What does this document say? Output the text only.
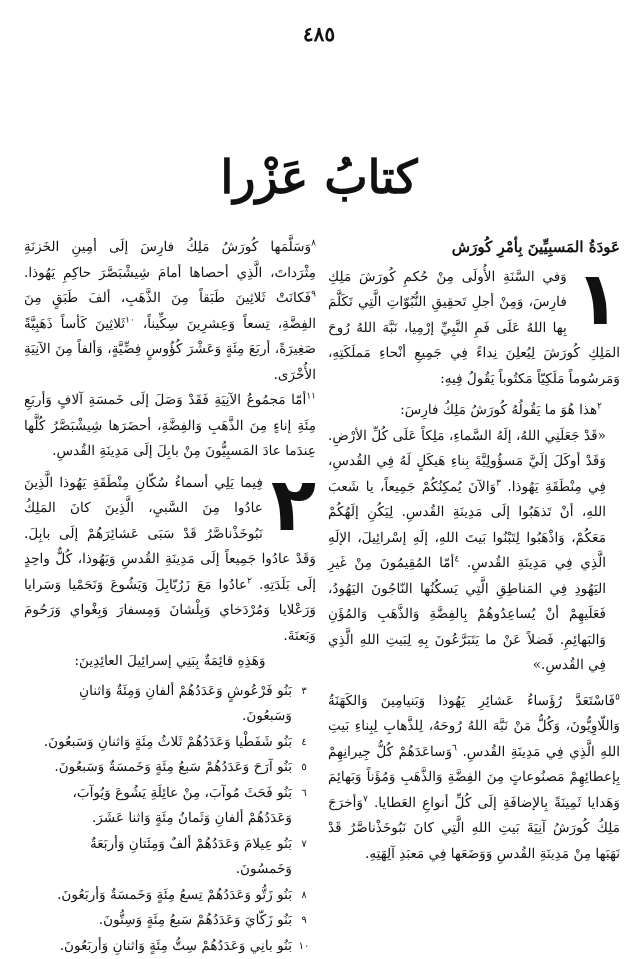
٤٨٥
كتابُ عَزْرا
عَودَةُ المَسبِيِّينَ بِأمْرِ كُورَش
١
وَفي السَّنَةِ الأُولَى مِنْ حُكمِ كُورَشَ مَلِكِ فارِسَ، وَمِنْ أجلِ تَحقِيقِ النُّبُوّاتِ الَّتِي تَكَلَّمَ بِها اللهُ عَلَى فَمِ النَّبِيِّ إرْمِيا، نَبَّهَ اللهُ رُوحَ المَلِكِ كُورَشَ لِيُعلِنَ نِداءً فِي جَمِيعِ أنْحاءِ مَملَكَتِهِ، وَمَرسُوماً مَلَكِيّاً مَكتُوباً يَقُولُ فِيهِ:
$^٢$هذا هُوَ ما يَقُولُهُ كُورَشُ مَلِكُ فارِسَ:
«قَدْ جَعَلَنِي اللهُ، إلَهُ السَّماءِ، مَلِكاً عَلَى كُلِّ الأرْضِ. وَقَدْ أوكَلَ إلَيَّ مَسؤُولِيَّةَ بِناءِ هَيكَلٍ لَهُ فِي القُدسِ، فِي مِنْطَقَةِ يَهُوذا. $^٣$وَالآنَ يُمكِنُكُمْ جَمِيعاً، يا شَعبَ اللهِ، أنْ تَذهَبُوا إلَى مَدِينَةِ القُدسِ. لِيَكُنِ إلَهُكُمْ مَعَكُمْ، وَاذْهَبُوا لِتَبْنُوا بَيتَ اللهِ، إلَهِ إسْرائِيلَ، الإلَهِ الَّذِي فِي مَدِينَةِ القُدسِ. $^٤$أمّا المُقِيمُونَ مِنْ غَيرِ اليَهُودِ فِي المَناطِقِ الَّتِي يَسكُنُها النّاجُونَ اليَهُودُ، فَعَلَيهِمْ أنْ يُساعِدُوهُمْ بِالفِضَّةِ وَالذَّهَبِ وَالمُؤَنِ وَالبَهائِمِ. فَضلاً عَنْ ما يَتَبَرَّعُونَ بِهِ لِبَيتِ اللهِ الَّذِي فِي القُدسِ.»
$^٥$فَاسْتَعَدَّ رُؤَساءُ عَشائِرِ يَهُوذا وَبَنيامِينَ وَالكَهَنَةُ وَاللّاوِيُّونَ، وَكُلُّ مَنْ نَبَّهَ اللهُ رُوحَهُ، لِلذَّهابِ لِبِناءِ بَيتِ اللهِ الَّذِي فِي مَدِينَةِ القُدسِ. $^٦$وَساعَدَهُمْ كُلُّ جِيرانِهِمْ بِإعطائِهِمْ مَصنُوعاتٍ مِنَ الفِضَّةِ وَالذَّهَبِ وَمُؤَناً وَبَهائِمَ وَهَدايا ثَمِينَةً بِالإضافَةِ إلَى كُلِّ أنواعِ العَطايا. $^٧$وَأخرَجَ مَلِكُ كُورَشُ آنِيَةَ بَيتِ اللهِ الَّتِي كانَ نَبُوخَذْناصَّرُ قَدْ نَهَبَها مِنْ مَدِينَةِ القُدسِ وَوَضَعَها فِي مَعبَدِ آلِهَتِهِ.
$^٨$وَسَلَّمَها كُورَشُ مَلِكُ فارِسَ إلَى أمِينِ الخَزنَةِ مِثْرَداتَ، الَّذِي أحصاها أمامَ شِيشْبَصَّرَ حاكِمِ يَهُوذا. $^٩$فَكانَتْ ثَلاثِينَ طَبَقاً مِنَ الذَّهَبِ، ألفَ طَبَقٍ مِنَ الفِضَّةِ، تِسعاً وَعِشرِينَ سِكِّيناً، $^{١٠}$ثَلاثِينَ كَأساً ذَهَبِيَّةً صَغِيرَةً، أربَعَ مِئَةٍ وَعَشْرَ كُؤُوسٍ فِضِّيَّةٍ، وَألفاً مِنَ الآنِيَةِ الأُخْرَى.
$^{١١}$أمّا مَجمُوعُ الآنِيَةِ فَقَدْ وَصَلَ إلَى خَمسَةِ آلافٍ وَأربَعِ مِئَةِ إناءٍ مِنَ الذَّهَبِ وَالفِضَّةِ، أحضَرَها شِيشْبَصَّرُ كُلَّها عِندَما عادَ المَسبِيُّونَ مِنْ بابِلَ إلَى مَدِينَةِ القُدسِ.
٢
فِيما يَلِي أسماءُ سُكّانِ مِنْطَقَةِ يَهُوذا الَّذِينَ عادُوا مِنَ السَّبيِ، الَّذِينَ كانَ المَلِكُ نَبُوخَذْناصَّرُ قَدْ سَبَى عَشائِرَهُمْ إلَى بابِلَ. وَقَدْ عادُوا جَمِيعاً إلَى مَدِينَةِ القُدسِ وَيَهُوذا، كُلٌّ واحِدٍ إلَى بَلَدَتِهِ. $^٢$عادُوا مَعَ زَرُبّابِلَ وَيَشُوعَ وَنَحَمْيا وَسَرايا وَرَعْلايا وَمُرْدَخاي وَبِلْشانَ وَمِسفارَ وَبِغْواي وَرَحُومَ وَبَعنَةَ.
وَهَذِهِ قائِمَةٌ بِبَنِي إسرائِيلَ العائِدِينَ:
٣
بَنُو فَرْعُوشٍ وَعَدَدُهُمْ ألفانِ وَمِئَةٌ وَاثنانِ وَسَبعُونَ.
٤
بَنُو شَفَطْيا وَعَدَدُهُمْ ثَلاثُ مِئَةٍ وَاثنانِ وَسَبعُونَ.
٥
بَنُو آرَحَ وَعَدَدُهُمْ سَبعُ مِئَةٍ وَخَمسَةٌ وَسَبعُونَ.
٦
بَنُو فَحَثَ مُوآبَ، مِنْ عائِلَةِ يَشُوعَ وَيُوآبَ، وَعَدَدُهُمْ ألفانِ وَثَمانُ مِئَةٍ وَاثنا عَشَرَ.
٧
بَنُو عِيلامَ وَعَدَدُهُمْ ألفٌ وَمِئَتانِ وَأربَعَةٌ وَخَمسُونَ.
٨
بَنُو زَتُّو وَعَدَدُهُمْ تِسعُ مِئَةٍ وَخَمسَةٌ وَأربَعُونَ.
٩
بَنُو زَكّايَ وَعَدَدُهُمْ سَبعُ مِئَةٍ وَسِتُّونَ.
١٠
بَنُو بانِي وَعَدَدُهُمْ سِتُّ مِئَةٍ وَاثنانِ وَأربَعُونَ.
